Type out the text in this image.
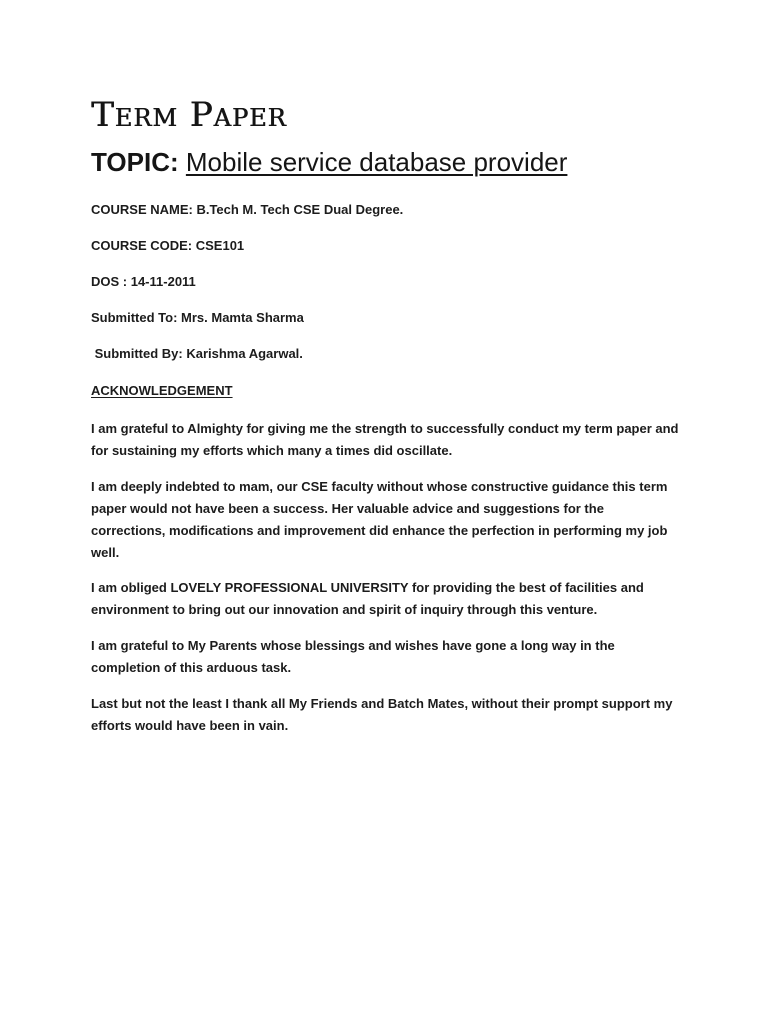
Term Paper
TOPIC: Mobile service database provider

COURSE NAME: B.Tech M. Tech CSE Dual Degree.

COURSE CODE: CSE101

DOS : 14-11-2011

Submitted To: Mrs. Mamta Sharma

Submitted By: Karishma Agarwal.

ACKNOWLEDGEMENT

I am grateful to Almighty for giving me the strength to successfully conduct my term paper and for sustaining my efforts which many a times did oscillate.

I am deeply indebted to mam, our CSE faculty without whose constructive guidance this term paper would not have been a success. Her valuable advice and suggestions for the corrections, modifications and improvement did enhance the perfection in performing my job well.

I am obliged LOVELY PROFESSIONAL UNIVERSITY for providing the best of facilities and environment to bring out our innovation and spirit of inquiry through this venture.

I am grateful to My Parents whose blessings and wishes have gone a long way in the completion of this arduous task.

Last but not the least I thank all My Friends and Batch Mates, without their prompt support my efforts would have been in vain.
